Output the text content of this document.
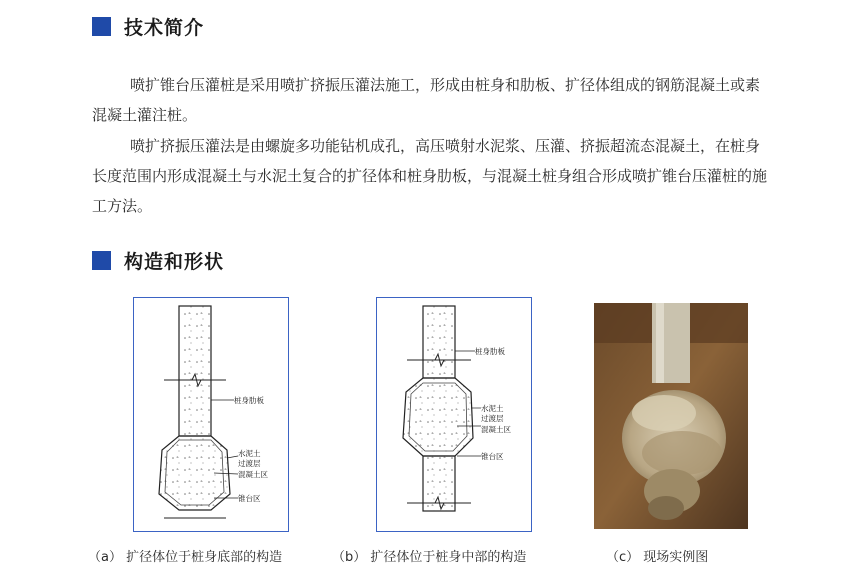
技术简介

喷扩锥台压灌桩是采用喷扩挤振压灌法施工，形成由桩身和肋板、扩径体组成的钢筋混凝土或素混凝土灌注桩。

喷扩挤振压灌法是由螺旋多功能钻机成孔，高压喷射水泥浆、压灌、挤振超流态混凝土，在桩身长度范围内形成混凝土与水泥土复合的扩径体和桩身肋板，与混凝土桩身组合形成喷扩锥台压灌桩的施工方法。

构造和形状
桩身肋板
水泥土
过渡层
混凝土区
锥台区
桩身肋板
水泥土
过渡层
混凝土区
锥台区
（a） 扩径体位于桩身底部的构造	（b） 扩径体位于桩身中部的构造	（c） 现场实例图
